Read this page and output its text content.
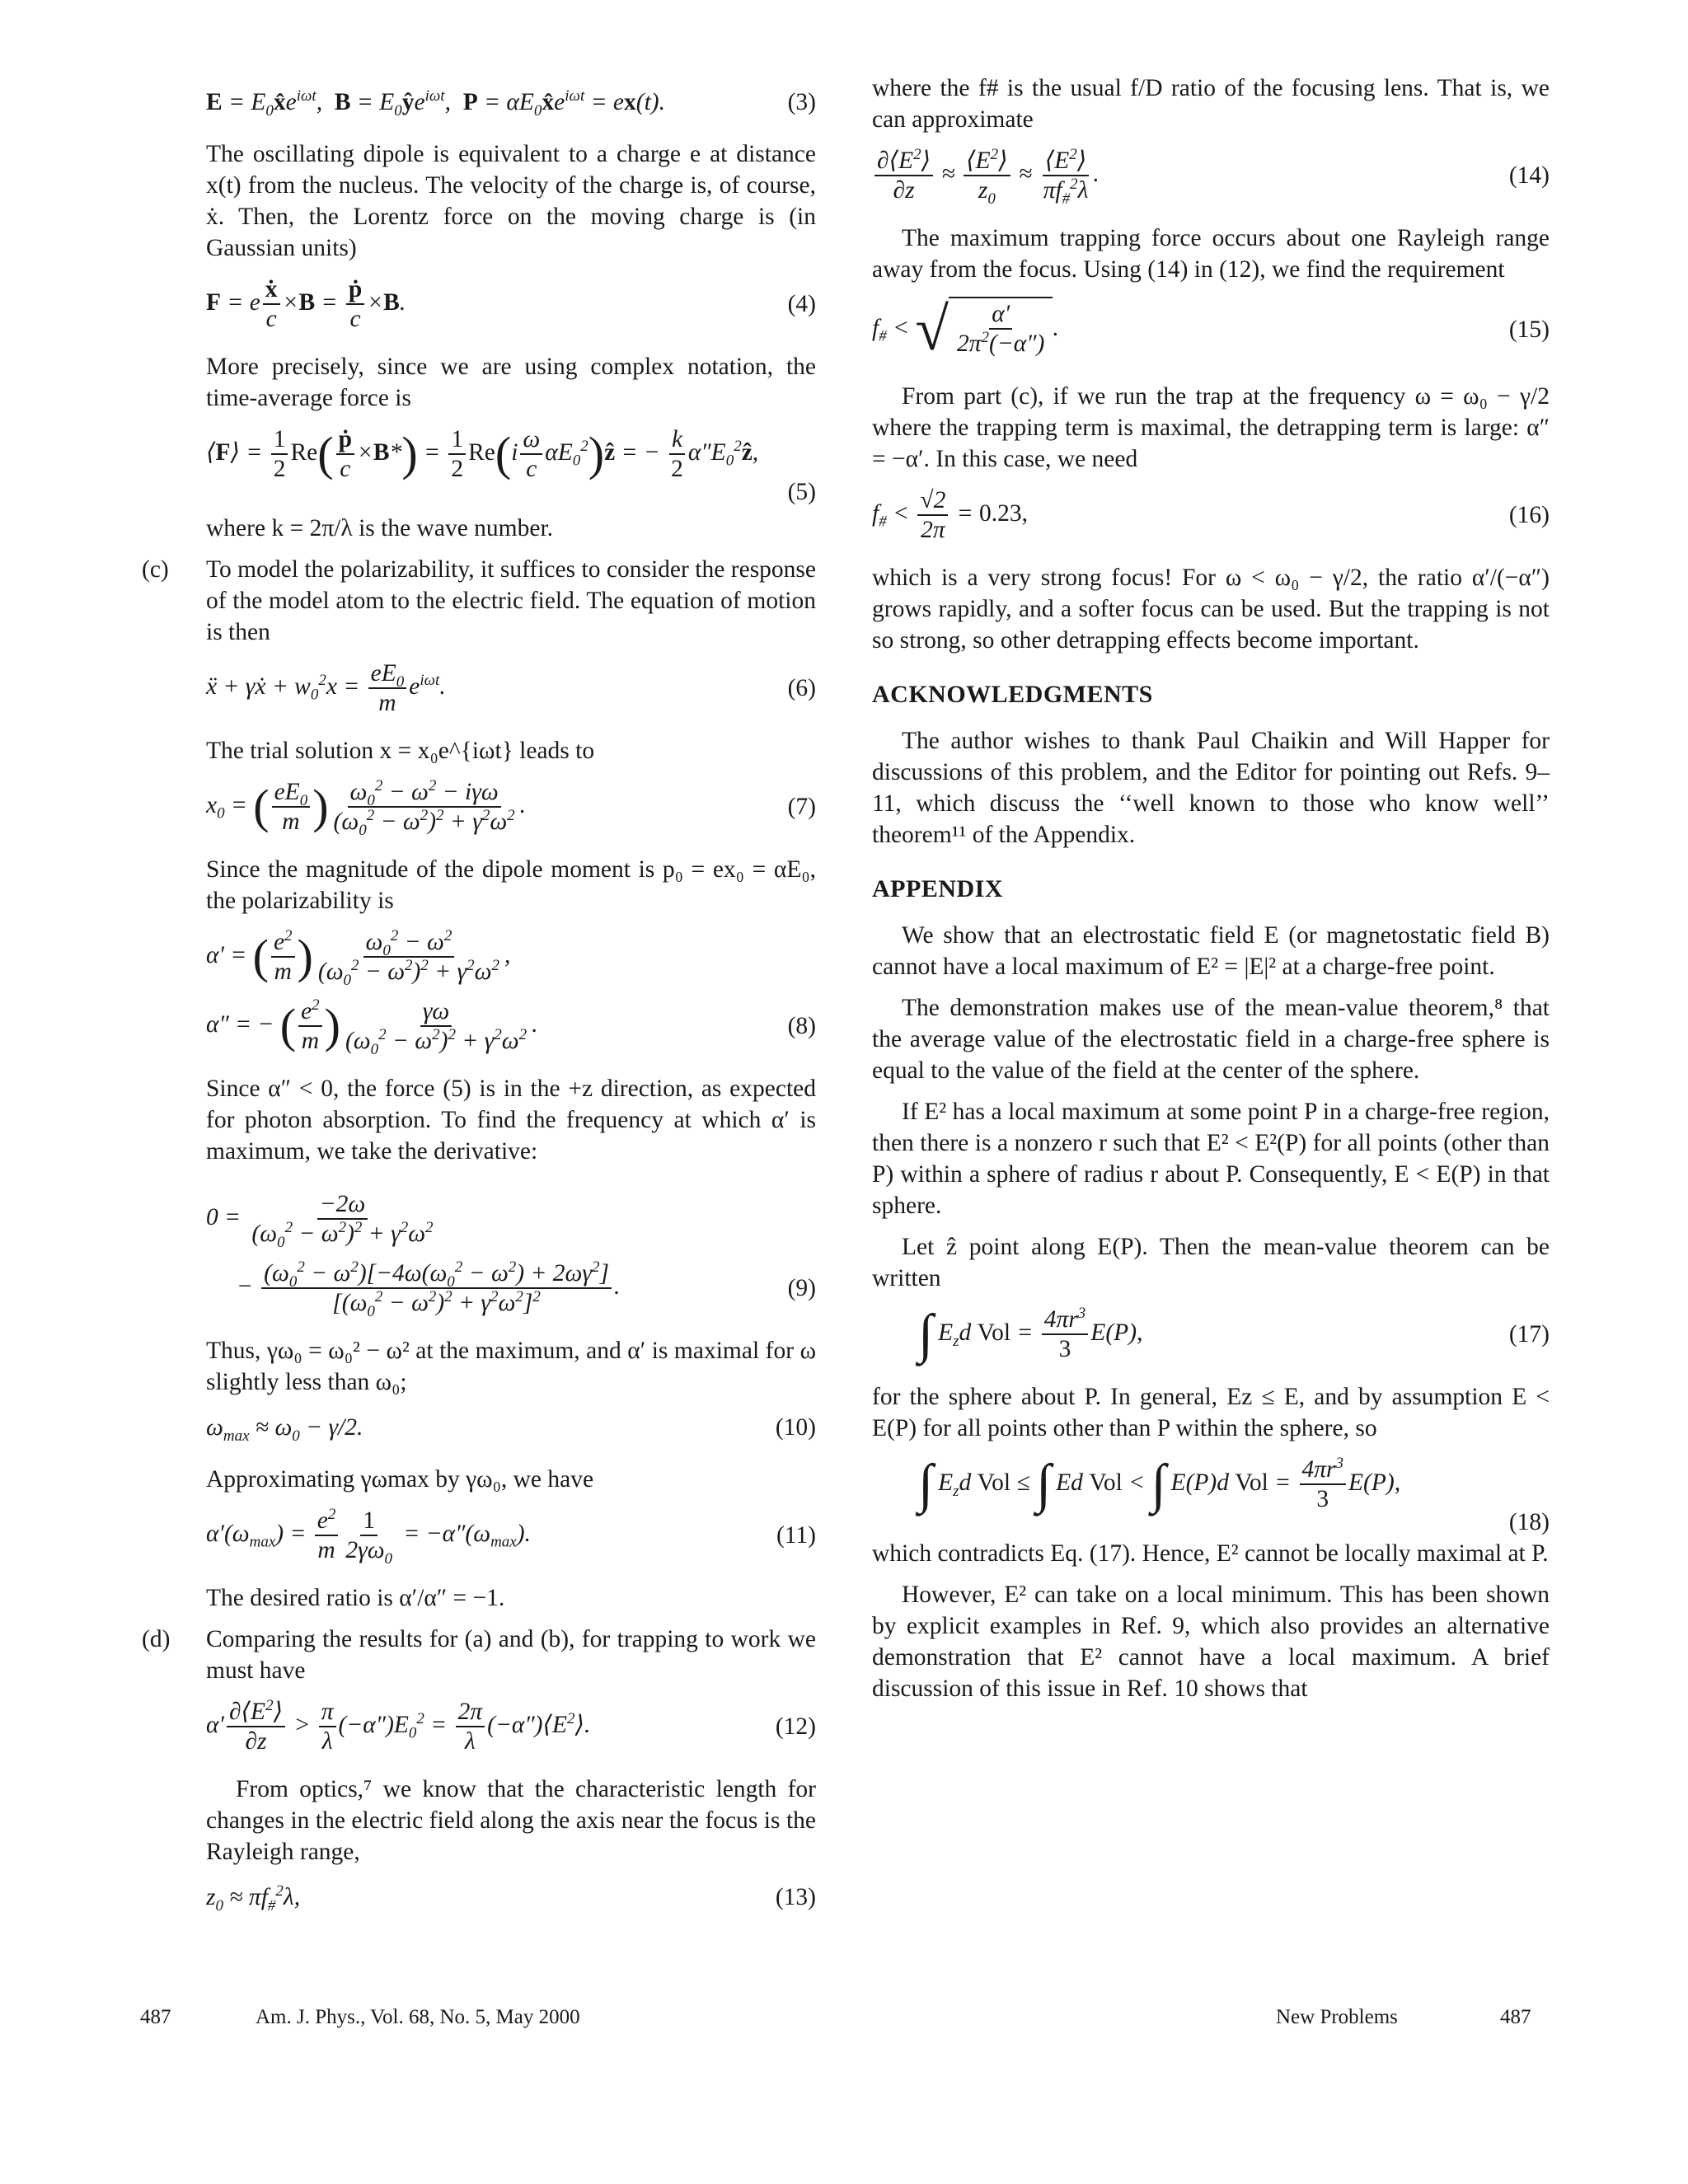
$E = E_0x̂e^{i\omega t}$,  $B = E_0ŷe^{i\omega t}$,  $P = \alpha E_0x̂e^{i\omega t} = ex(t)$.	(3)

The oscillating dipole is equivalent to a charge e at distance x(t) from the nucleus. The velocity of the charge is, of course, ẋ. Then, the Lorentz force on the moving charge is (in Gaussian units)

F = e $\frac{\text{ẋ}}{c} \times B = \frac{\text{ṗ}}{c} \times B$.	(4)

More precisely, since we are using complex notation, the time-average force is

⟨F⟩ = $\frac{1}{2} Re( \frac{\text{ṗ}}{c} \times B*) = \frac{1}{2} Re(i \frac{\omega}{c}$ $\alpha E_0^2)ẑ$ = − $\frac{k}{2}$ $\alpha''E_0^2ẑ$,
(5)

where k = 2π/λ is the wave number.

(c) To model the polarizability, it suffices to consider the response of the model atom to the electric field. The equation of motion is then

ẍ + γẋ + $w_0^2x = \frac{eE_0}{m} e^{i\omega t}$.	(6)

The trial solution x = x₀e^{iωt} leads to

$x_0$ = ( $\frac{eE_0}{m}$ ) $\frac{\omega_0^2 - \omega^2 - i\gamma\omega}{(\omega_0^2 - \omega^2)^2 + \gamma^2\omega^2}$ .	(7)

Since the magnitude of the dipole moment is p₀ = ex₀ = αE₀, the polarizability is

α′ = ( $\frac{e^2}{m}$ ) $\frac{\omega_0^2 - \omega^2}{(\omega_0^2 - \omega^2)^2 + \gamma^2\omega^2}$ ,
α″ = − ( $\frac{e^2}{m}$ ) $\frac{\gamma\omega}{(\omega_0^2 - \omega^2)^2 + \gamma^2\omega^2}$ .	(8)

Since α″ < 0, the force (5) is in the +z direction, as expected for photon absorption. To find the frequency at which α′ is maximum, we take the derivative:

$0 = \frac{-2\omega}{(\omega_0^2 - \omega^2)^2 + \gamma^2\omega^2}$
− $\frac{(\omega_0^2 - \omega^2)[-4\omega(\omega_0^2 - \omega^2) + 2\omega\gamma^2]}{[(\omega_0^2 - \omega^2)^2 + \gamma^2\omega^2]^2}$ .	(9)

Thus, γω₀ = ω₀² − ω² at the maximum, and α′ is maximal for ω slightly less than ω₀;

$\omega_{max} \approx \omega_0 - \gamma/2$.	(10)

Approximating γωmax by γω₀, we have

$\alpha'(\omega_{max}) = \frac{e^2}{m} \frac{1}{2\gamma\omega_0} = -\alpha''(\omega_{max})$.	(11)

The desired ratio is α′/α″ = −1.

(d) Comparing the results for (a) and (b), for trapping to work we must have

$\alpha' \frac{\partial⟨E^2⟩}{\partial z} > \frac{\pi}{\lambda} (-\alpha'')E_0^2 = \frac{2\pi}{\lambda}$ $(-\alpha'')⟨E^2⟩$.	(12)

From optics,⁷ we know that the characteristic length for changes in the electric field along the axis near the focus is the Rayleigh range,

$z_0 \approx \pi f_{\#}^2\lambda$,	(13)

where the f# is the usual f/D ratio of the focusing lens. That is, we can approximate

$\frac{\partial⟨E^2⟩}{\partial z} \approx \frac{⟨E^2⟩}{z_0} \approx \frac{⟨E^2⟩}{\pi f_{\#}^2\lambda}$ .	(14)

The maximum trapping force occurs about one Rayleigh range away from the focus. Using (14) in (12), we find the requirement

$f_{\#}$ < √ $\frac{\alpha'}{2\pi^2(-\alpha'')}$ .	(15)

From part (c), if we run the trap at the frequency ω = ω₀ − γ/2 where the trapping term is maximal, the detrapping term is large: α″ = −α′. In this case, we need

$f_{\#} < \frac{√2}{2\pi} = 0.23$,	(16)

which is a very strong focus! For ω < ω₀ − γ/2, the ratio α′/(−α″) grows rapidly, and a softer focus can be used. But the trapping is not so strong, so other detrapping effects become important.

ACKNOWLEDGMENTS

The author wishes to thank Paul Chaikin and Will Happer for discussions of this problem, and the Editor for pointing out Refs. 9–11, which discuss the ‘‘well known to those who know well’’ theorem¹¹ of the Appendix.

APPENDIX

We show that an electrostatic field E (or magnetostatic field B) cannot have a local maximum of E² = |E|² at a charge-free point.

The demonstration makes use of the mean-value theorem,⁸ that the average value of the electrostatic field in a charge-free sphere is equal to the value of the field at the center of the sphere.

If E² has a local maximum at some point P in a charge-free region, then there is a nonzero r such that E² < E²(P) for all points (other than P) within a sphere of radius r about P. Consequently, E < E(P) in that sphere.

Let ẑ point along E(P). Then the mean-value theorem can be written

∫ $E_zd$ Vol = $\frac{4\pi r^3}{3} E(P)$,	(17)

for the sphere about P. In general, Ez ≤ E, and by assumption E < E(P) for all points other than P within the sphere, so

∫ $E_zd$ Vol ≤ ∫ Ed Vol < ∫ E(P)d Vol = $\frac{4\pi r^3}{3} E(P)$,
(18)

which contradicts Eq. (17). Hence, E² cannot be locally maximal at P.

However, E² can take on a local minimum. This has been shown by explicit examples in Ref. 9, which also provides an alternative demonstration that E² cannot have a local maximum. A brief discussion of this issue in Ref. 10 shows that

487	Am. J. Phys., Vol. 68, No. 5, May 2000	New Problems	487
